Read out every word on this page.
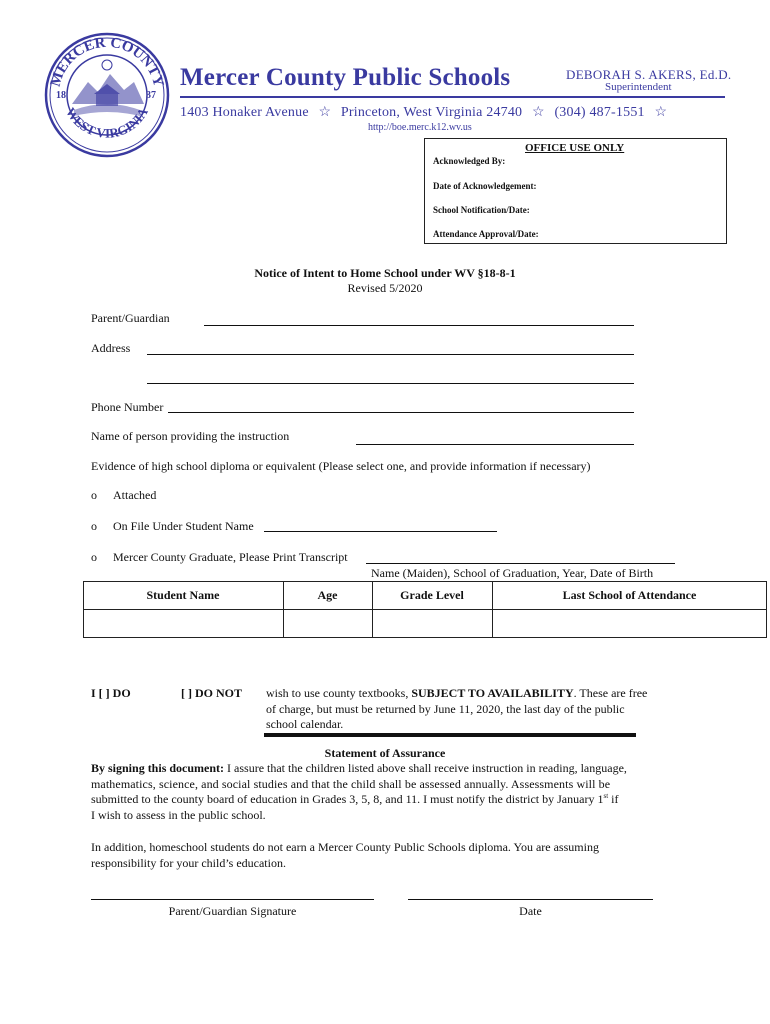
MERCER COUNTY
WEST VIRGINIA
18	37
Mercer County Public Schools	DEBORAH S. AKERS, Ed.D.
Superintendent
1403 Honaker Avenue ☆ Princeton, West Virginia 24740 ☆ (304) 487-1551 ☆
http://boe.merc.k12.wv.us
OFFICE USE ONLY
Acknowledged By:
Date of Acknowledgement:
School Notification/Date:
Attendance Approval/Date:
Notice of Intent to Home School under WV §18-8-1
Revised 5/2020
Parent/Guardian
Address
Phone Number
Name of person providing the instruction
Evidence of high school diploma or equivalent (Please select one, and provide information if necessary)
o Attached
o On File Under Student Name
o Mercer County Graduate, Please Print Transcript
Name (Maiden), School of Graduation, Year, Date of Birth
Student Name	Age	Grade Level	Last School of Attendance
I [ ] DO	[ ] DO NOT wish to use county textbooks, SUBJECT TO AVAILABILITY. These are free
of charge, but must be returned by June 11, 2020, the last day of the public
school calendar.
Statement of Assurance
By signing this document: I assure that the children listed above shall receive instruction in reading, language,
mathematics, science, and social studies and that the child shall be assessed annually. Assessments will be
submitted to the county board of education in Grades 3, 5, 8, and 11. I must notify the district by January 1st if
I wish to assess in the public school.
In addition, homeschool students do not earn a Mercer County Public Schools diploma. You are assuming
responsibility for your child’s education.
Parent/Guardian Signature	Date
